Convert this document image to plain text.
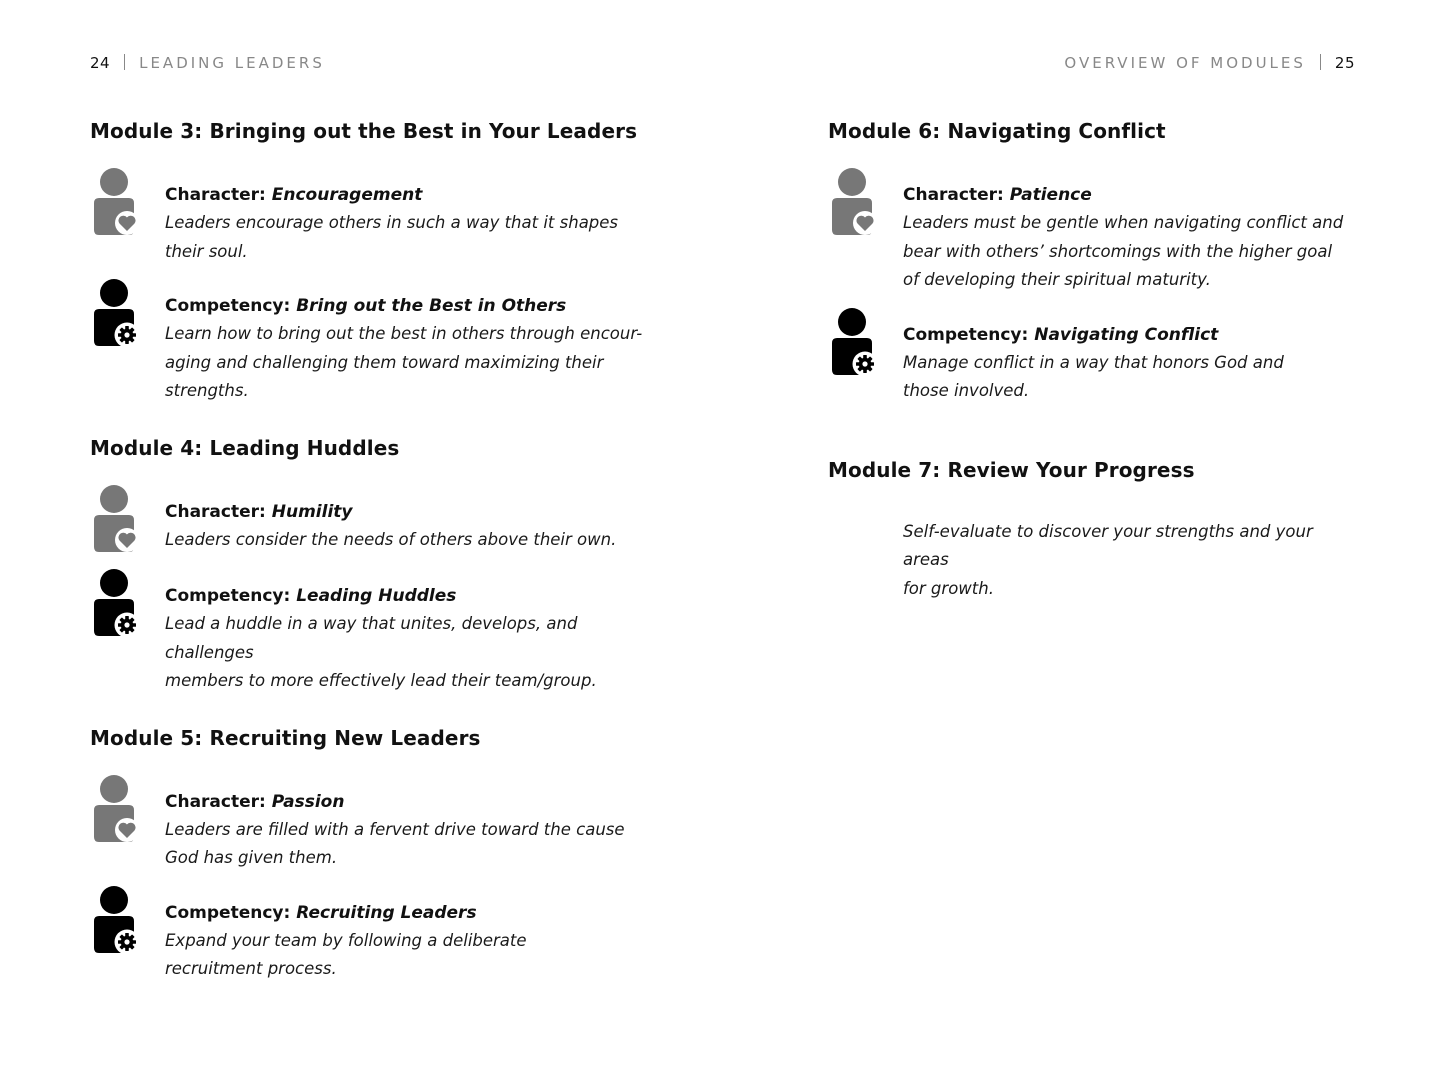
24 LEADING LEADERS	OVERVIEW OF MODULES 25
Module 3: Bringing out the Best in Your Leaders
Character: Encouragement
Leaders encourage others in such a way that it shapes
their soul.
Competency: Bring out the Best in Others
Learn how to bring out the best in others through encour-
aging and challenging them toward maximizing their strengths.
Module 4: Leading Huddles
Character: Humility
Leaders consider the needs of others above their own.
Competency: Leading Huddles
Lead a huddle in a way that unites, develops, and challenges
members to more effectively lead their team/group.
Module 5: Recruiting New Leaders
Character: Passion
Leaders are filled with a fervent drive toward the cause
God has given them.
Competency: Recruiting Leaders
Expand your team by following a deliberate
recruitment process.
Module 6: Navigating Conflict
Character: Patience
Leaders must be gentle when navigating conflict and
bear with others’ shortcomings with the higher goal
of developing their spiritual maturity.
Competency: Navigating Conflict
Manage conflict in a way that honors God and
those involved.
Module 7: Review Your Progress
Self-evaluate to discover your strengths and your areas
for growth.
